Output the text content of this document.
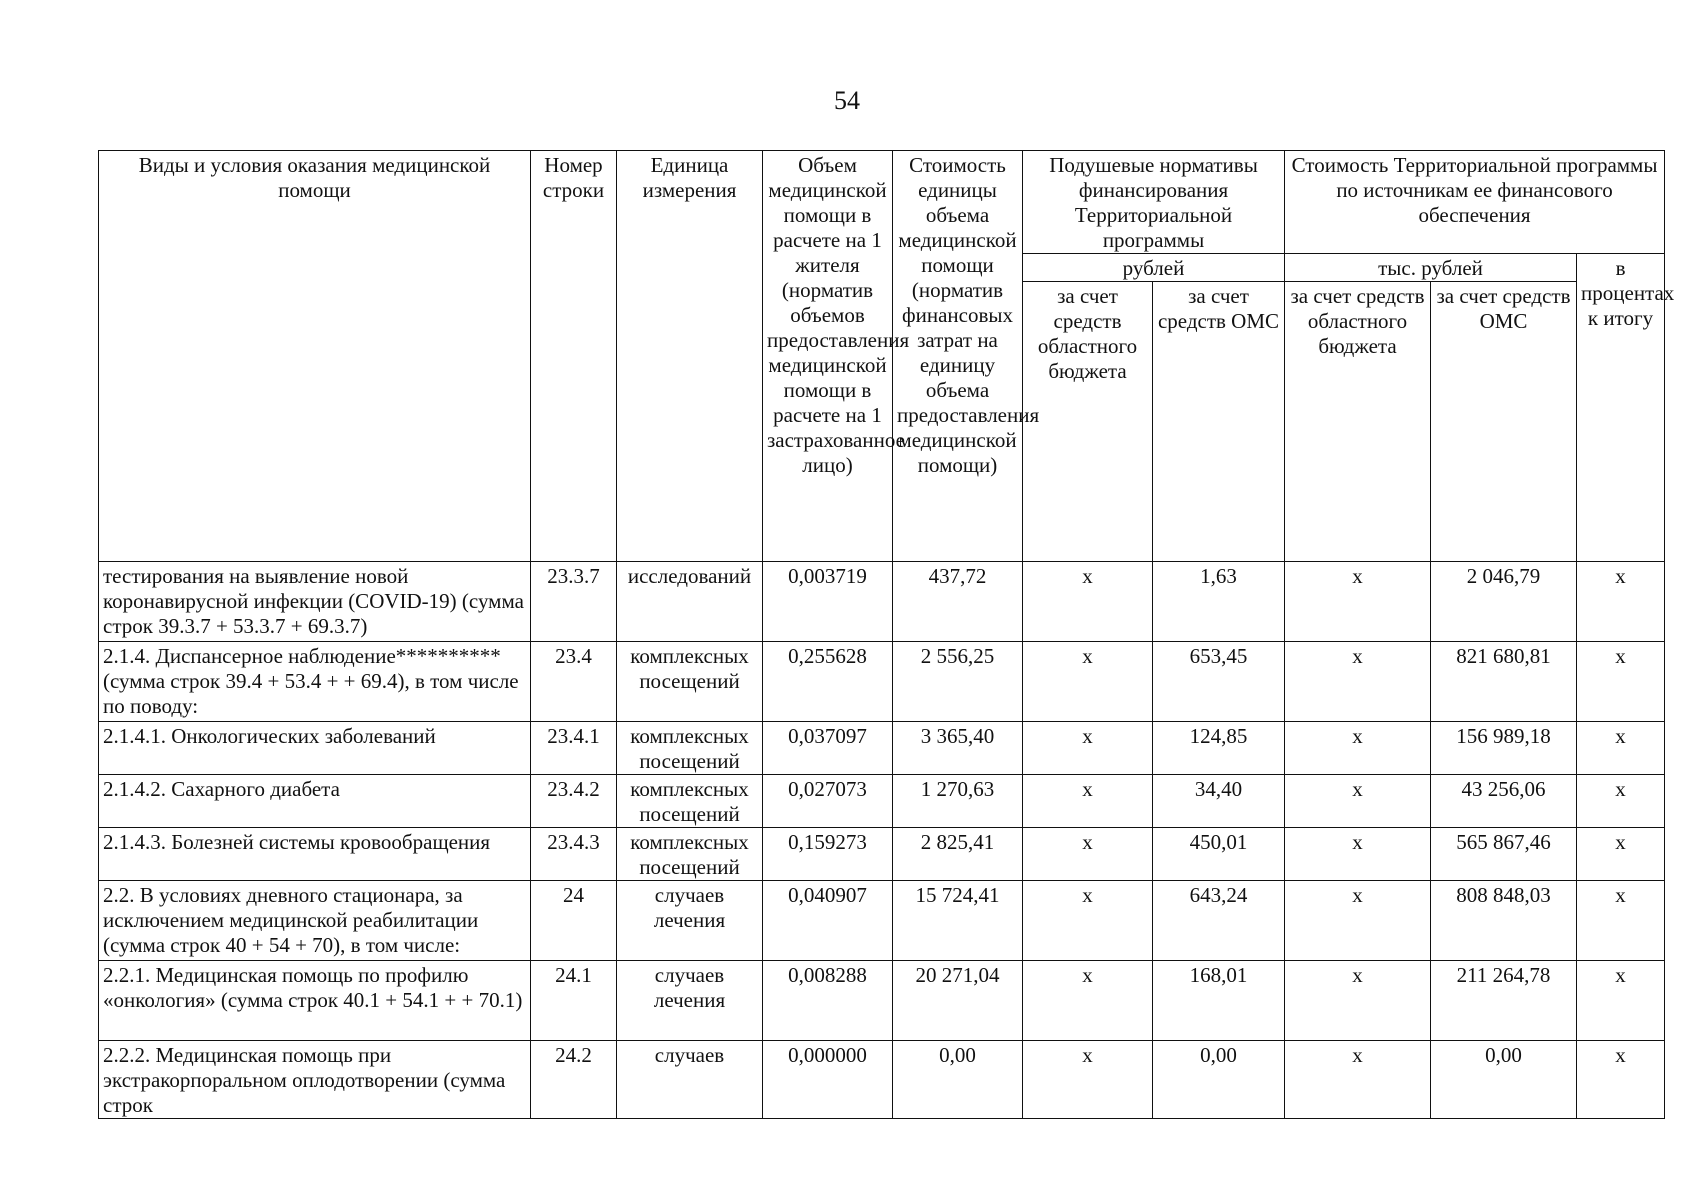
54
Виды и условия оказания медицинской помощи	Номер строки	Единица измерения	Объем медицинской помощи в расчете на 1 жителя (норматив объемов предоставления медицинской помощи в расчете на 1 застрахованное лицо)	Стоимость единицы объема медицинской помощи (норматив финансовых затрат на единицу объема предоставления медицинской помощи)	Подушевые нормативы финансирования Территориальной программы		Стоимость Территориальной программы по источникам ее финансового обеспечения		
					рублей		тыс. рублей		в процентах к итогу
					за счет средств областного бюджета	за счет средств ОМС	за счет средств областного бюджета	за счет средств ОМС	
тестирования на выявление новой коронавирусной инфекции (COVID-19) (сумма строк 39.3.7 + 53.3.7 + 69.3.7)	23.3.7	исследований	0,003719	437,72	х	1,63	х	2 046,79	х
2.1.4. Диспансерное наблюдение********** (сумма строк 39.4 + 53.4 + + 69.4), в том числе по поводу:	23.4	комплексных посещений	0,255628	2 556,25	х	653,45	х	821 680,81	х
2.1.4.1. Онкологических заболеваний	23.4.1	комплексных посещений	0,037097	3 365,40	х	124,85	х	156 989,18	х
2.1.4.2. Сахарного диабета	23.4.2	комплексных посещений	0,027073	1 270,63	х	34,40	х	43 256,06	х
2.1.4.3. Болезней системы кровообращения	23.4.3	комплексных посещений	0,159273	2 825,41	х	450,01	х	565 867,46	х
2.2. В условиях дневного стационара, за исключением медицинской реабилитации (сумма строк 40 + 54 + 70), в том числе:	24	случаев лечения	0,040907	15 724,41	х	643,24	х	808 848,03	х
2.2.1. Медицинская помощь по профилю «онкология» (сумма строк 40.1 + 54.1 + + 70.1)	24.1	случаев лечения	0,008288	20 271,04	х	168,01	х	211 264,78	х
2.2.2. Медицинская помощь при экстракорпоральном оплодотворении (сумма строк	24.2	случаев	0,000000	0,00	х	0,00	х	0,00	х
